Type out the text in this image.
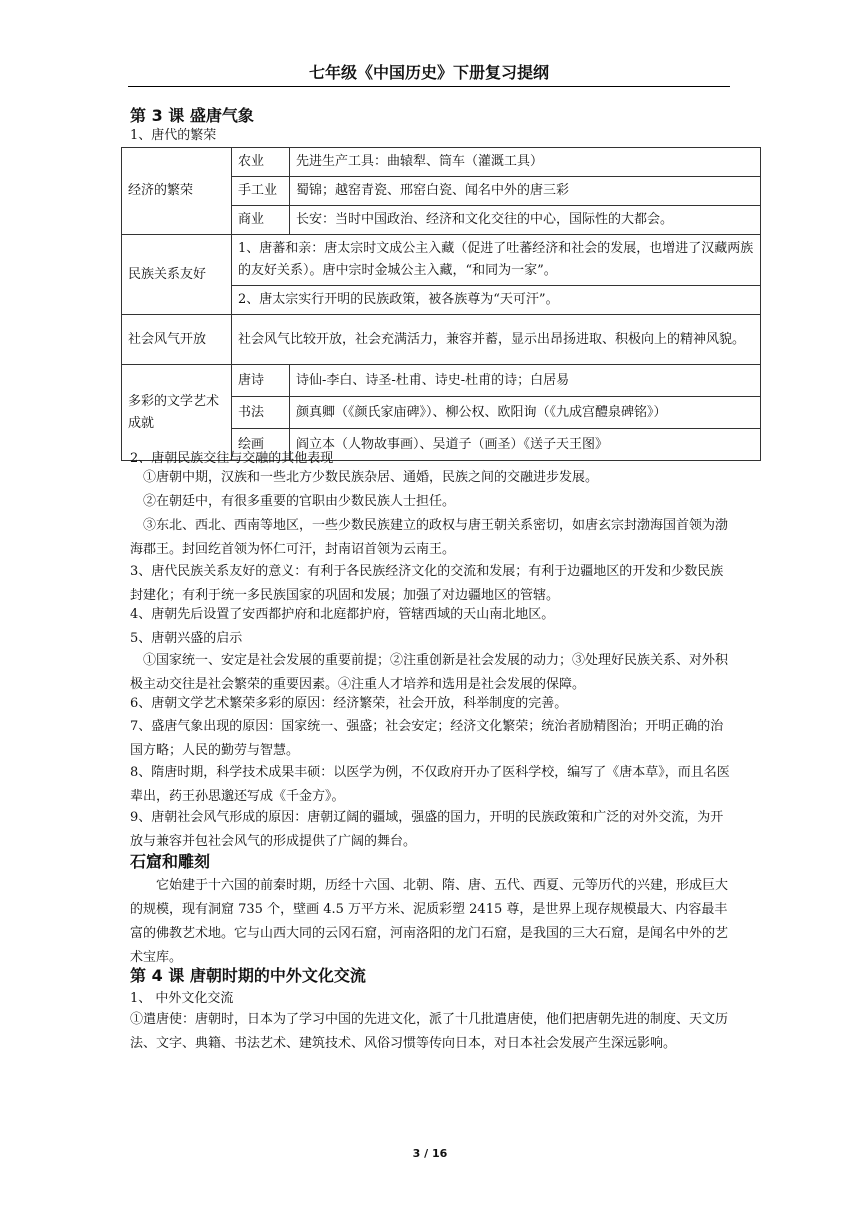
七年级《中国历史》下册复习提纲
第 3 课 盛唐气象
1、唐代的繁荣
经济的繁荣	农业	先进生产工具：曲辕犁、筒车（灌溉工具）
	手工业	蜀锦；越窑青瓷、邢窑白瓷、闻名中外的唐三彩
	商业	长安：当时中国政治、经济和文化交往的中心，国际性的大都会。
民族关系友好	1、唐蕃和亲：唐太宗时文成公主入藏（促进了吐蕃经济和社会的发展，也增进了汉藏两族的友好关系）。唐中宗时金城公主入藏，“和同为一家”。	
	2、唐太宗实行开明的民族政策，被各族尊为“天可汗”。	
社会风气开放	社会风气比较开放，社会充满活力，兼容并蓄，显示出昂扬进取、积极向上的精神风貌。	
多彩的文学艺术成就	唐诗	诗仙-李白、诗圣-杜甫、诗史-杜甫的诗；白居易
	书法	颜真卿（《颜氏家庙碑》）、柳公权、欧阳询（《九成宫醴泉碑铭》）
	绘画	阎立本（人物故事画）、吴道子（画圣）《送子天王图》
2、唐朝民族交往与交融的其他表现
①唐朝中期，汉族和一些北方少数民族杂居、通婚，民族之间的交融进步发展。
②在朝廷中，有很多重要的官职由少数民族人士担任。
③东北、西北、西南等地区，一些少数民族建立的政权与唐王朝关系密切，如唐玄宗封渤海国首领为渤海郡王。封回纥首领为怀仁可汗，封南诏首领为云南王。
3、唐代民族关系友好的意义：有利于各民族经济文化的交流和发展；有利于边疆地区的开发和少数民族封建化；有利于统一多民族国家的巩固和发展；加强了对边疆地区的管辖。
4、唐朝先后设置了安西都护府和北庭都护府，管辖西域的天山南北地区。
5、唐朝兴盛的启示
①国家统一、安定是社会发展的重要前提；②注重创新是社会发展的动力；③处理好民族关系、对外积极主动交往是社会繁荣的重要因素。④注重人才培养和选用是社会发展的保障。
6、唐朝文学艺术繁荣多彩的原因：经济繁荣，社会开放，科举制度的完善。
7、盛唐气象出现的原因：国家统一、强盛；社会安定；经济文化繁荣；统治者励精图治；开明正确的治国方略；人民的勤劳与智慧。
8、隋唐时期，科学技术成果丰硕：以医学为例，不仅政府开办了医科学校，编写了《唐本草》，而且名医辈出，药王孙思邈还写成《千金方》。
9、唐朝社会风气形成的原因：唐朝辽阔的疆域，强盛的国力，开明的民族政策和广泛的对外交流，为开放与兼容并包社会风气的形成提供了广阔的舞台。
石窟和雕刻
它始建于十六国的前秦时期，历经十六国、北朝、隋、唐、五代、西夏、元等历代的兴建，形成巨大的规模，现有洞窟 735 个，壁画 4.5 万平方米、泥质彩塑 2415 尊，是世界上现存规模最大、内容最丰富的佛教艺术地。它与山西大同的云冈石窟，河南洛阳的龙门石窟，是我国的三大石窟，是闻名中外的艺术宝库。
第 4 课 唐朝时期的中外文化交流
1、 中外文化交流
①遣唐使：唐朝时，日本为了学习中国的先进文化，派了十几批遣唐使，他们把唐朝先进的制度、天文历法、文字、典籍、书法艺术、建筑技术、风俗习惯等传向日本，对日本社会发展产生深远影响。
3 / 16
